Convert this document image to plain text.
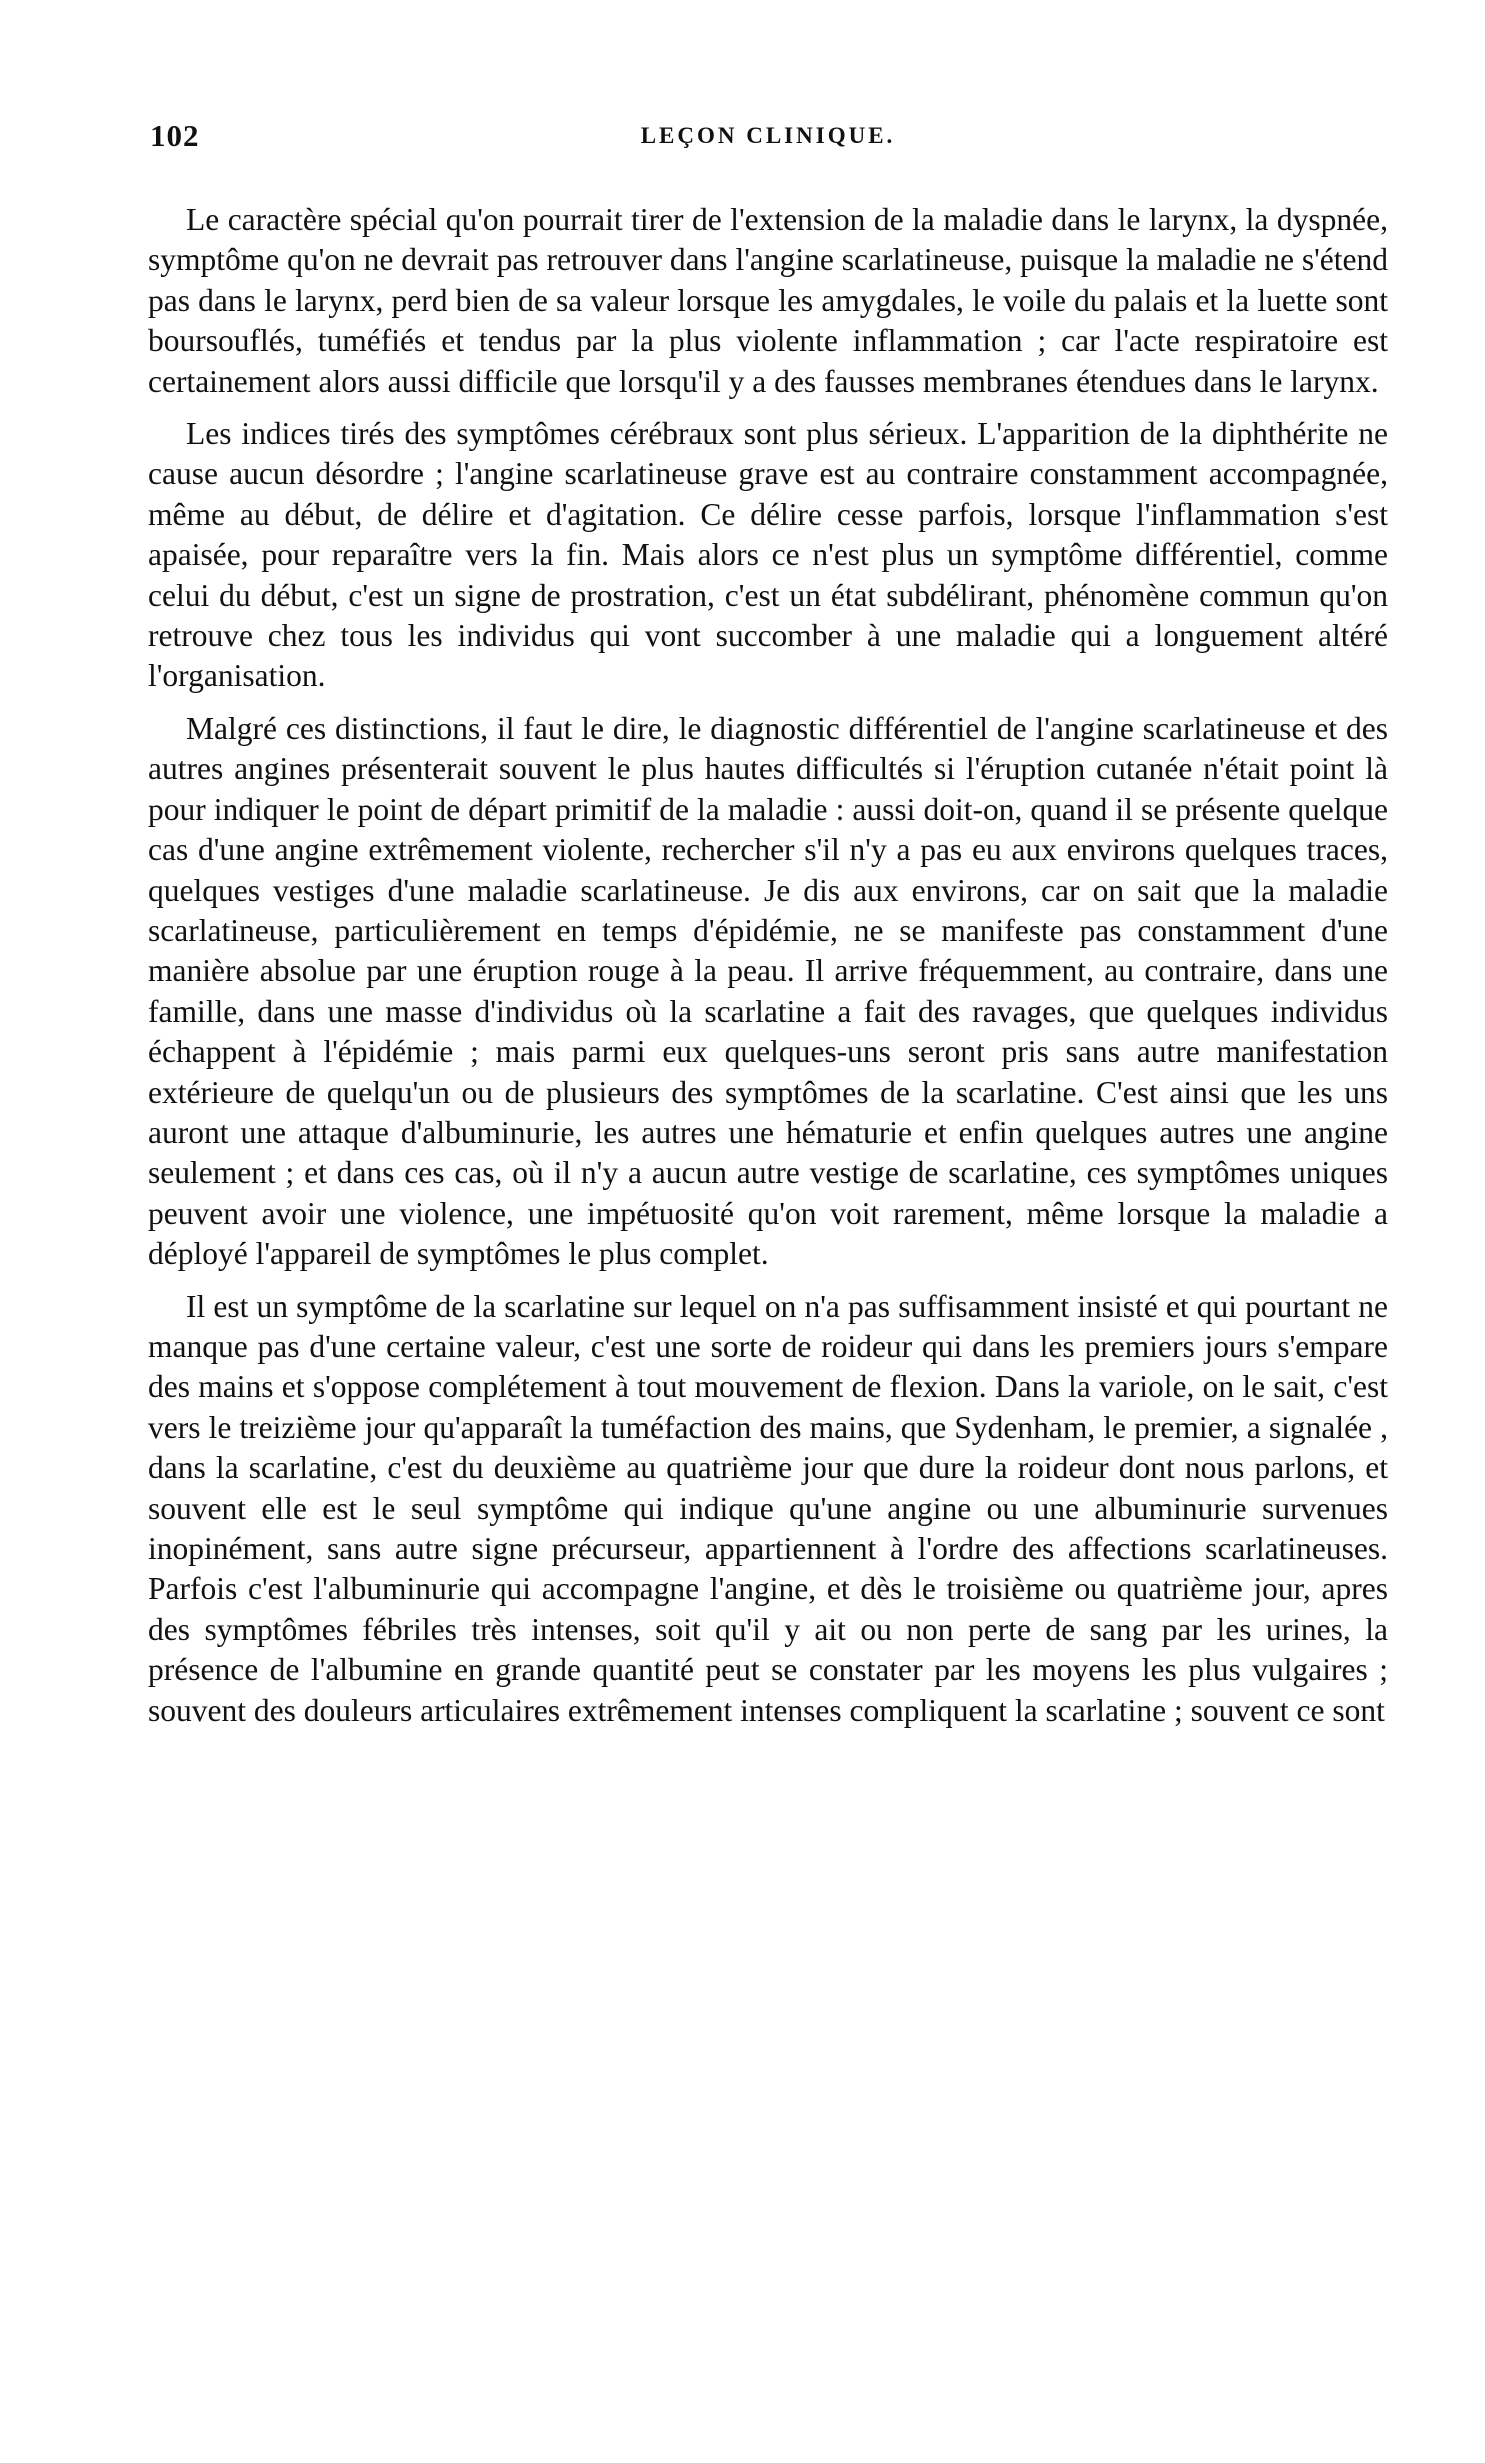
102	LEÇON CLINIQUE.

Le caractère spécial qu'on pourrait tirer de l'extension de la maladie dans le larynx, la dyspnée, symptôme qu'on ne devrait pas retrouver dans l'angine scarlatineuse, puisque la maladie ne s'étend pas dans le larynx, perd bien de sa valeur lorsque les amygdales, le voile du palais et la luette sont boursouflés, tuméfiés et tendus par la plus violente inflammation ; car l'acte respiratoire est certainement alors aussi difficile que lorsqu'il y a des fausses membranes étendues dans le larynx.

Les indices tirés des symptômes cérébraux sont plus sérieux. L'apparition de la diphthérite ne cause aucun désordre ; l'angine scarlatineuse grave est au contraire constamment accompagnée, même au début, de délire et d'agitation. Ce délire cesse parfois, lorsque l'inflammation s'est apaisée, pour reparaître vers la fin. Mais alors ce n'est plus un symptôme différentiel, comme celui du début, c'est un signe de prostration, c'est un état subdélirant, phénomène commun qu'on retrouve chez tous les individus qui vont succomber à une maladie qui a longuement altéré l'organisation.

Malgré ces distinctions, il faut le dire, le diagnostic différentiel de l'angine scarlatineuse et des autres angines présenterait souvent le plus hautes difficultés si l'éruption cutanée n'était point là pour indiquer le point de départ primitif de la maladie : aussi doit-on, quand il se présente quelque cas d'une angine extrêmement violente, rechercher s'il n'y a pas eu aux environs quelques traces, quelques vestiges d'une maladie scarlatineuse. Je dis aux environs, car on sait que la maladie scarlatineuse, particulièrement en temps d'épidémie, ne se manifeste pas constamment d'une manière absolue par une éruption rouge à la peau. Il arrive fréquemment, au contraire, dans une famille, dans une masse d'individus où la scarlatine a fait des ravages, que quelques individus échappent à l'épidémie ; mais parmi eux quelques-uns seront pris sans autre manifestation extérieure de quelqu'un ou de plusieurs des symptômes de la scarlatine. C'est ainsi que les uns auront une attaque d'albuminurie, les autres une hématurie et enfin quelques autres une angine seulement ; et dans ces cas, où il n'y a aucun autre vestige de scarlatine, ces symptômes uniques peuvent avoir une violence, une impétuosité qu'on voit rarement, même lorsque la maladie a déployé l'appareil de symptômes le plus complet.

Il est un symptôme de la scarlatine sur lequel on n'a pas suffisamment insisté et qui pourtant ne manque pas d'une certaine valeur, c'est une sorte de roideur qui dans les premiers jours s'empare des mains et s'oppose complétement à tout mouvement de flexion. Dans la variole, on le sait, c'est vers le treizième jour qu'apparaît la tuméfaction des mains, que Sydenham, le premier, a signalée , dans la scarlatine, c'est du deuxième au quatrième jour que dure la roideur dont nous parlons, et souvent elle est le seul symptôme qui indique qu'une angine ou une albuminurie survenues inopinément, sans autre signe précurseur, appartiennent à l'ordre des affections scarlatineuses. Parfois c'est l'albuminurie qui accompagne l'angine, et dès le troisième ou quatrième jour, apres des symptômes fébriles très intenses, soit qu'il y ait ou non perte de sang par les urines, la présence de l'albumine en grande quantité peut se constater par les moyens les plus vulgaires ; souvent des douleurs articulaires extrêmement intenses compliquent la scarlatine ; souvent ce sont
